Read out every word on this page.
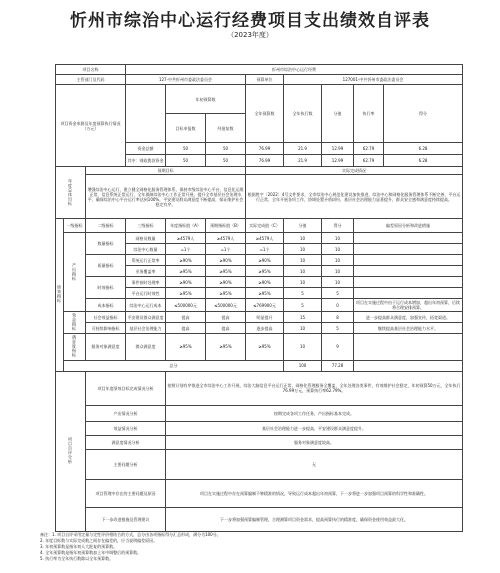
忻州市综治中心运行经费项目支出绩效自评表
（2023年度）
项目名称			忻州市综治中心运行经费								
主管部门及代码			127-中共忻州市委政法委员会			预算单位	127001-中共忻州市委政法委员会				
项目资金来源及年度预算执行情况（万元）				年初预算数		全年预算数	全年执行数	分值	执行率	得分	
				目标申报数	经批复数						
			资金总额	50	50	76.99	21.9	12.99	62.79	6.28	
			其中：财政拨款资金	50	50	76.99	21.9	12.99	62.79	6.28	
年度总体目标		预期目标				实际完成情况					
		增强综治中心运行、建立健全网格化服务管理体系，保持市级综治中心平台、信息化运维正常，信息系统正常运行，全年保障综治中心工作正常开展，提升全市基层社会治理水平，确保综治中心平台运行率达到100%，平安建设群众满意度不断提高，保证维护社会稳定有序。				根据胜字〔2022〕4号文件要求，全市综治中心规范化建设加快推进，综治中心和网格化服务管理体系不断完善，平台运行正常，全年开展各项工作，协调处置矛盾纠纷，基层社会治理能力显著提升，群众安全感和满意度持续提高。					
绩效指标	一级指标	二级指标	三级指标	年度指标值（A）	预期指标值（B）	实际完成值（C）	分值	得分	偏差原因分析和改进措施		
	产出指标	数量指标	网格员数量	≥4579人	≥4579人	≥4579人	10	10			
			综治中心数量	=1个	=1个	=1个	10	10			
		质量指标	系统运行正常率	≥90%	≥90%	≥90%	10	10			
			业务覆盖率	≥95%	≥95%	≥95%	10	10			
		时效指标	事件按时处理率	≥90%	≥90%	≥90%	10	10			
			平台运行时效性	≥95%	≥95%	≥95%	5	5			
		成本指标	综治中心运行成本	≤500000元	≤500000元	≤769900元	5	0	项目在实施过程中由于运行成本增加，超出年初预算，后续将合理安排预算。		
	效益指标	社会效益指标	平安建设群众满意度	提高	提高	明显提升	15	8	进一步提高群众满意度，加强宣传，拓宽渠道。		
		可持续影响指标	基层社会治理能力	提高	提高	逐步提高	10	5	继续提高基层社会治理能力水平。		
	满意度指标	服务对象满意度	群众满意度	≥95%	≥95%	≥95%	10	9			
	总分						100	77.28			
项目自评分析		项目年度绩效目标完成情况分析		按照计划有序推进全市综治中心工作开展，综治大脑信息平台运行正常，网格化管理服务全覆盖，全年处理各类事件，有效维护社会稳定，年初预算50万元，全年执行76.99万元，预算执行率62.79%。							
		产出情况分析		按期完成各项工作任务，产出指标基本完成。							
		效益情况分析		基层社会治理能力进一步提高，平安建设群众满意度提升。							
		满意度情况分析		服务对象满意度较高。							
		主要问题分析		无							
		项目管理中存在的主要问题及原因		项目在实施过程中存在预算编制不够精准的情况，导致运行成本超出年初预算，下一步将进一步加强项目预算的科学性和准确性。							
		下一步改进措施及管理建议		下一步将加强预算编制管理，合理测算项目资金需求，提高预算执行的精准度，确保资金使用效益最大化。							
备注：1. 项目自评采用定量与定性评价相结合的方式，总分由各项指标得分汇总形成，满分为100分。
2. 年度目标数与实际完成数之间存在偏差的，应当说明偏差原因。
3. 年初预算数是指年初人大批复的预算数。
4. 全年预算数是指年初预算数加上年中调整后的预算数。
5. 执行率为全年执行数除以全年预算数。
